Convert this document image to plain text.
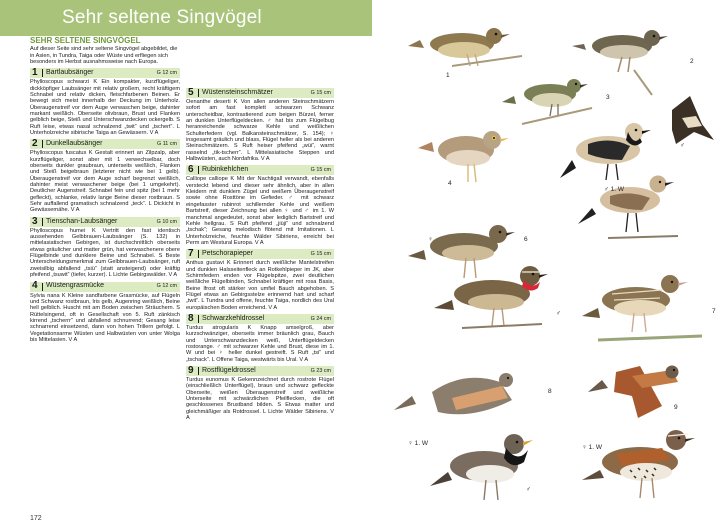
Sehr seltene Singvögel
SEHR SELTENE SINGVÖGEL
Auf dieser Seite sind sehr seltene Singvögel abgebildet, die in Asien, in Tundra, Taiga oder Wüste und erfliegen sich besonders im Herbst ausnahmsweise nach Europa.
1	Bartlaubsänger	G 12 cm
Phylloscopus schwarzi K Ein kompakter, kurzflügeliger, dickköpfiger Laubsänger mit relativ großem, recht kräftigem Schnabel und relativ dicken, fleischfarbenen Beinen. Er bewegt sich meist innerhalb der Deckung im Unterholz. Überaugenstreif vor dem Auge verwaschen beige, dahinter markant weißlich. Oberseite olivbraun, Brust und Flanken gelblich beige, Steiß und Unterschwanzdecken ockergelb. S Ruft leise, etwas nasal schnalzend „twit“ und „tschert“. L Unterholzreiche sibirische Taiga an Gewässern. V A
2	Dunkellaubsänger	G 11 cm
Phylloscopus fuscatus K Gestalt erinnert an Zilpzalp, aber kurzflügeliger, sonst aber mit 1 verwechselbar, doch oberseits dunkler graubraun, unterseits weißlich, Flanken und Steiß beigebraun (letzterer nicht wie bei 1 gelb). Überaugenstreif vor dem Auge scharf begrenzt weißlich, dahinter meist verwaschener beige (bei 1 umgekehrt). Deutlicher Augenstreif. Schnabel fein und spitz (bei 1 mehr gefleckt), schlanke, relativ lange Beine dieser rostbraun. S Sehr auffallend gramatisch schnalzend „teck“. L Dickicht in Gewässernähe. V A
3	Tienschan-Laubsänger	G 10 cm
Phylloscopus humei K Vertritt den fast identisch aussehenden Gelbbrauen-Laubsänger (S. 132) in mittelasiatischen Gebirgen, ist durchschnittlich oberseits etwas gräulicher und matter grün, hat verwaschenere obere Flügelbinde und dunklere Beine und Schnabel. S Beste Unterscheidungsmerkmal zum Gelbbrauen-Laubsänger, ruft zweisilbig abfallend „tsiü“ (statt ansteigend) oder kräftig pfeifend „tsuwit“ (tiefer, kurzer). L Lichte Gebirgswälder. V A
4	Wüstengrasmücke	G 12 cm
Sylvia nana K Kleine sandfarbene Grasmücke, auf Flügeln und Schwanz rostbraun, Iris gelb, Augenring weißlich, Beine hell gelblich. Huscht mit am Boden zwischen Sträuchern. S Rüttelsingend, oft in Gesellschaft von 5. Ruft zänkisch kirrend „tscherrr“ und abfallend schnurrend; Gesang leise schnarrend einsetzend, dann von hohen Trillern gefolgt. L Vegetationsarme Wüsten und Halbwüsten von unter Wolga bis Mittelasien. V A
5	Wüstensteinschmätzer	G 15 cm
Oenanthe deserti K Von allen anderen Steinschmätzern sofort am fast komplett schwarzen Schwanz unterscheidbar, kontrastierend zum beigen Bürzel, ferner an dunklen Unterflügeldecken. ♂ hat bis zum Flügelbug heranreichende schwarze Kehle und weißlichen Schulterfedern (vgl. Balkansteinschmätzer, S. 154); ♀ insgesamt gräulich und blass, Flügel heller als bei anderen Steinschmätzern. S Ruft heiser pfeifend „wüi“, warnt rasselnd „tik-tscherr“. L Mittelasiatische Steppen und Halbwüsten, auch Nordafrika. V A
6	Rubinkehlchen	G 15 cm
Calliope calliope K Mit der Nachtigall verwandt, ebenfalls versteckt lebend und dieser sehr ähnlich, aber in allen Kleidern mit dunklem Zügel und weißem Überaugenstreif sowie ohne Rosttöne im Gefieder. ♂ mit schwarz eingefasster rubinrot schillernder Kehle und weißem Bartstreif, dieser Zeichnung bei allen ♀ und ♂ im 1. W manchmal angedeutet, sonst aber lediglich Bartstreif und Kehle hellgrau. S Ruft pfeifend „jiüji“ und schnalzend „tschak“; Gesang melodisch flötend mit Imitationen. L Unterholzreiche, feuchte Wälder Sibiriens, erreicht bei Perm am Westural Europa. V A
7	Petschorapieper	G 15 cm
Anthus gustavi K Erinnert durch weißliche Mantelstreifen und dunklen Halsseitenfleck an Rotkehlpieper im JK, aber Schirmfedern enden vor Flügelspitze, zwei deutlichen weißliche Flügelbinden, Schnabel kräftiger mit rosa Basis, Beine lfrost oft stärker von umfiel Bauch abgehoben. S Flügel etwas an Gebirgsstelze erinnernd hart und scharf „twit“. L Tundra und offene, feuchte Taiga, nordlich des Ural europäischen Boden erreichend. V A
8	Schwarzkehldrossel	G 24 cm
Turdus atrogularis K Knapp amselgroß, aber kurzschwänziger, oberseits immer bräunlich grau, Bauch und Unterschwanzdecken weiß, Unterflügeldecken rostorange. ♂ mit schwarzer Kehle und Brust, diese im 1. W und bei ♀ heller dunkel gestreift. S Ruft „tsi“ und „tschack“. L Offene Taiga, westwärts bis Ural. V A
9	Rostflügeldrossel	G 23 cm
Turdus eunomus K Gekennzeichnet durch rostrote Flügel (einschließlich Unterflügel), braun und schwarz gefleckte Oberseite, weißen Überaugenstreif und weißliche Unterseite mit schwärzlichen Pfeilflecken, die oft geschlossenes Brustband bilden. S Etwas matter und gleichmäßiger als Rotdrossel. L Lichte Wälder Sibiriens. V A
172
1
2
3
4
♂ 1. W
♂
♀	6
♂	7
8
♀ 1. W
♀ 1. W
♂
9
